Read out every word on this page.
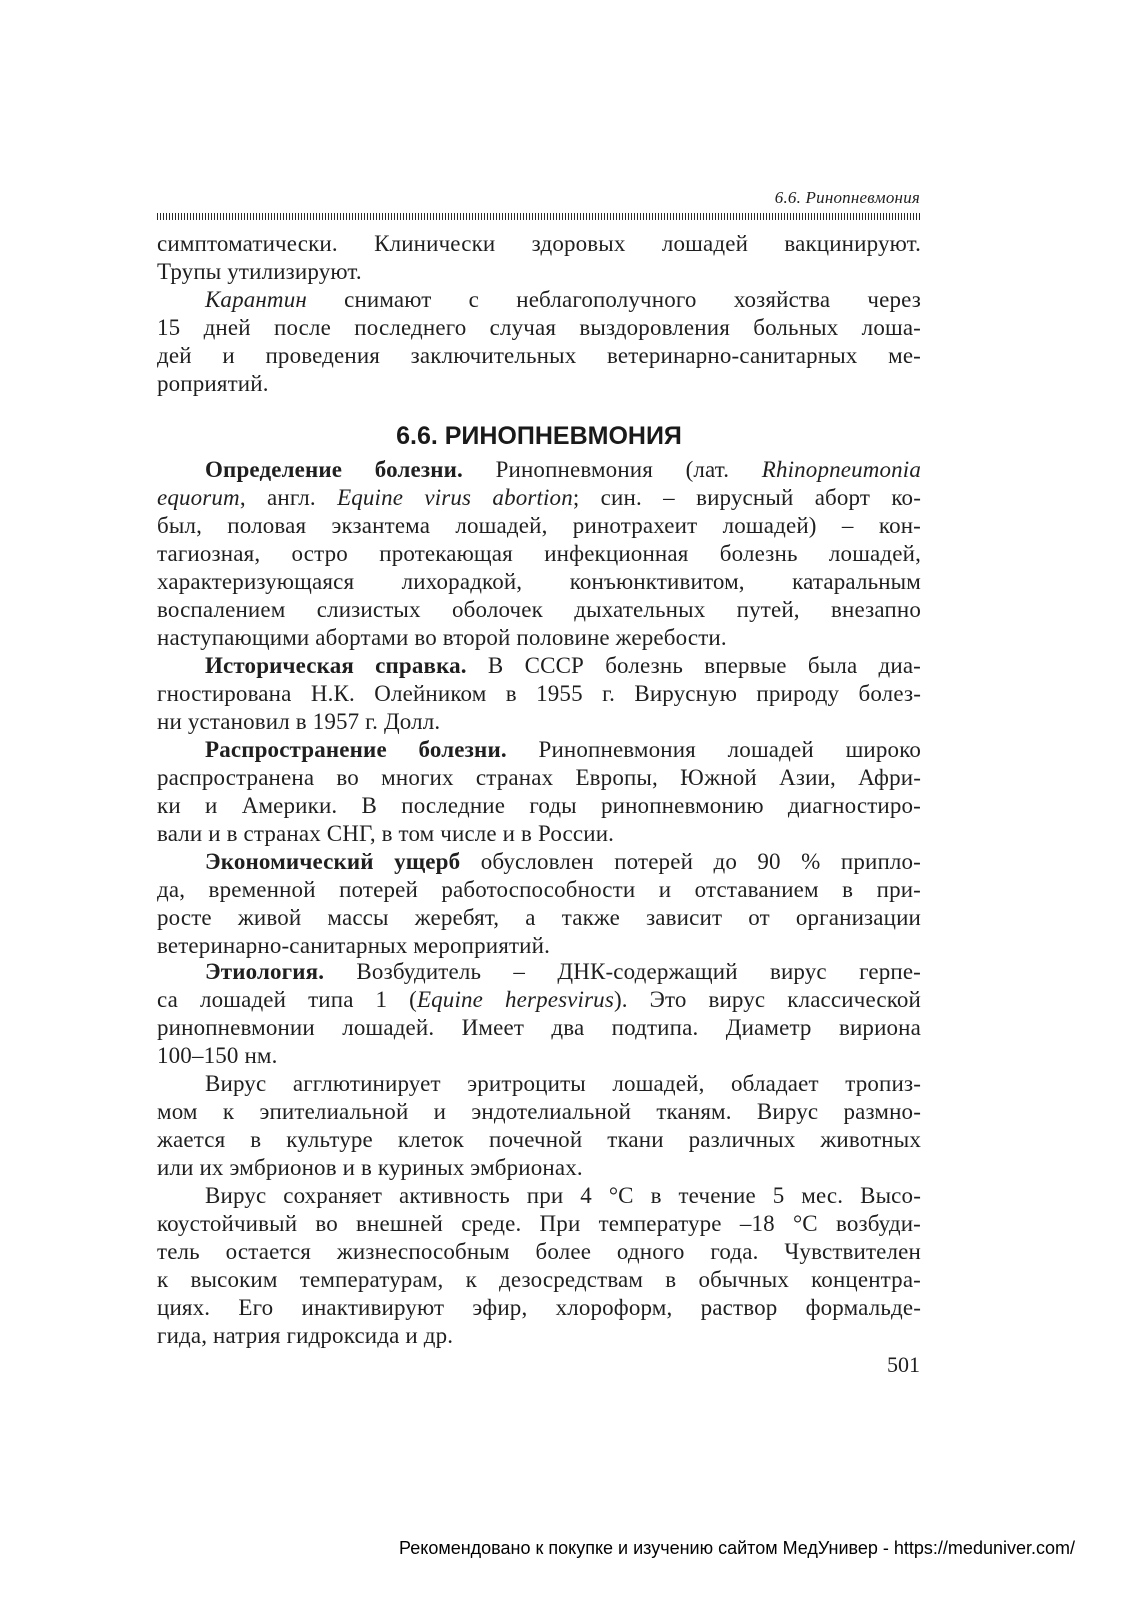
6.6. Ринопневмония
6.6. РИНОПНЕВМОНИЯ
симптоматически. Клинически здоровых лошадей вакцинируют.
Трупы утилизируют.
Карантин снимают с неблагополучного хозяйства через
15 дней после последнего случая выздоровления больных лоша-
дей и проведения заключительных ветеринарно-санитарных ме-
роприятий.
Определение болезни. Ринопневмония (лат. Rhinopneumonia
equorum, англ. Equine virus abortion; син. – вирусный аборт ко-
был, половая экзантема лошадей, ринотрахеит лошадей) – кон-
тагиозная, остро протекающая инфекционная болезнь лошадей,
характеризующаяся лихорадкой, конъюнктивитом, катаральным
воспалением слизистых оболочек дыхательных путей, внезапно
наступающими абортами во второй половине жеребости.
Историческая справка. В СССР болезнь впервые была диа-
гностирована Н.К. Олейником в 1955 г. Вирусную природу болез-
ни установил в 1957 г. Долл.
Распространение болезни. Ринопневмония лошадей широко
распространена во многих странах Европы, Южной Азии, Афри-
ки и Америки. В последние годы ринопневмонию диагностиро-
вали и в странах СНГ, в том числе и в России.
Экономический ущерб обусловлен потерей до 90 % припло-
да, временной потерей работоспособности и отставанием в при-
росте живой массы жеребят, а также зависит от организации
ветеринарно-санитарных мероприятий.
Этиология. Возбудитель – ДНК-содержащий вирус герпе-
са лошадей типа 1 (Equine herpesvirus). Это вирус классической
ринопневмонии лошадей. Имеет два подтипа. Диаметр вириона
100–150 нм.
Вирус агглютинирует эритроциты лошадей, обладает тропиз-
мом к эпителиальной и эндотелиальной тканям. Вирус размно-
жается в культуре клеток почечной ткани различных животных
или их эмбрионов и в куриных эмбрионах.
Вирус сохраняет активность при 4 °С в течение 5 мес. Высо-
коустойчивый во внешней среде. При температуре –18 °С возбуди-
тель остается жизнеспособным более одного года. Чувствителен
к высоким температурам, к дезосредствам в обычных концентра-
циях. Его инактивируют эфир, хлороформ, раствор формальде-
гида, натрия гидроксида и др.
501
Рекомендовано к покупке и изучению сайтом МедУнивер - https://meduniver.com/
